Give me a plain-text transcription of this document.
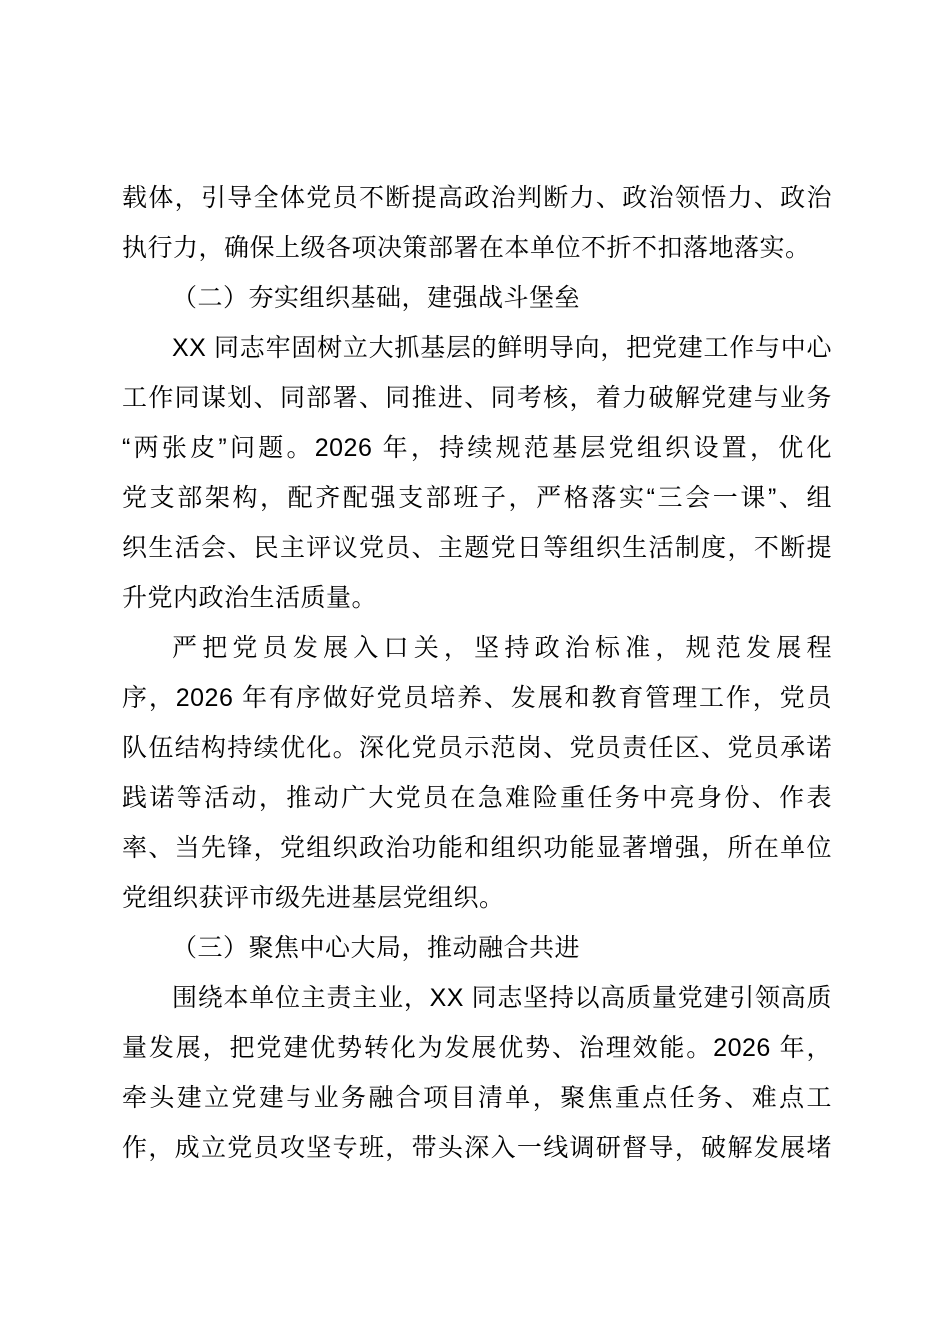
载体，引导全体党员不断提高政治判断力、政治领悟力、政治
执行力，确保上级各项决策部署在本单位不折不扣落地落实。
（二）夯实组织基础，建强战斗堡垒
XX 同志牢固树立大抓基层的鲜明导向，把党建工作与中心
工作同谋划、同部署、同推进、同考核，着力破解党建与业务
“两张皮”问题。2026 年，持续规范基层党组织设置，优化
党支部架构，配齐配强支部班子，严格落实“三会一课”、组
织生活会、民主评议党员、主题党日等组织生活制度，不断提
升党内政治生活质量。
严把党员发展入口关，坚持政治标准，规范发展程
序，2026 年有序做好党员培养、发展和教育管理工作，党员
队伍结构持续优化。深化党员示范岗、党员责任区、党员承诺
践诺等活动，推动广大党员在急难险重任务中亮身份、作表
率、当先锋，党组织政治功能和组织功能显著增强，所在单位
党组织获评市级先进基层党组织。
（三）聚焦中心大局，推动融合共进
围绕本单位主责主业，XX 同志坚持以高质量党建引领高质
量发展，把党建优势转化为发展优势、治理效能。2026 年，
牵头建立党建与业务融合项目清单，聚焦重点任务、难点工
作，成立党员攻坚专班，带头深入一线调研督导，破解发展堵
